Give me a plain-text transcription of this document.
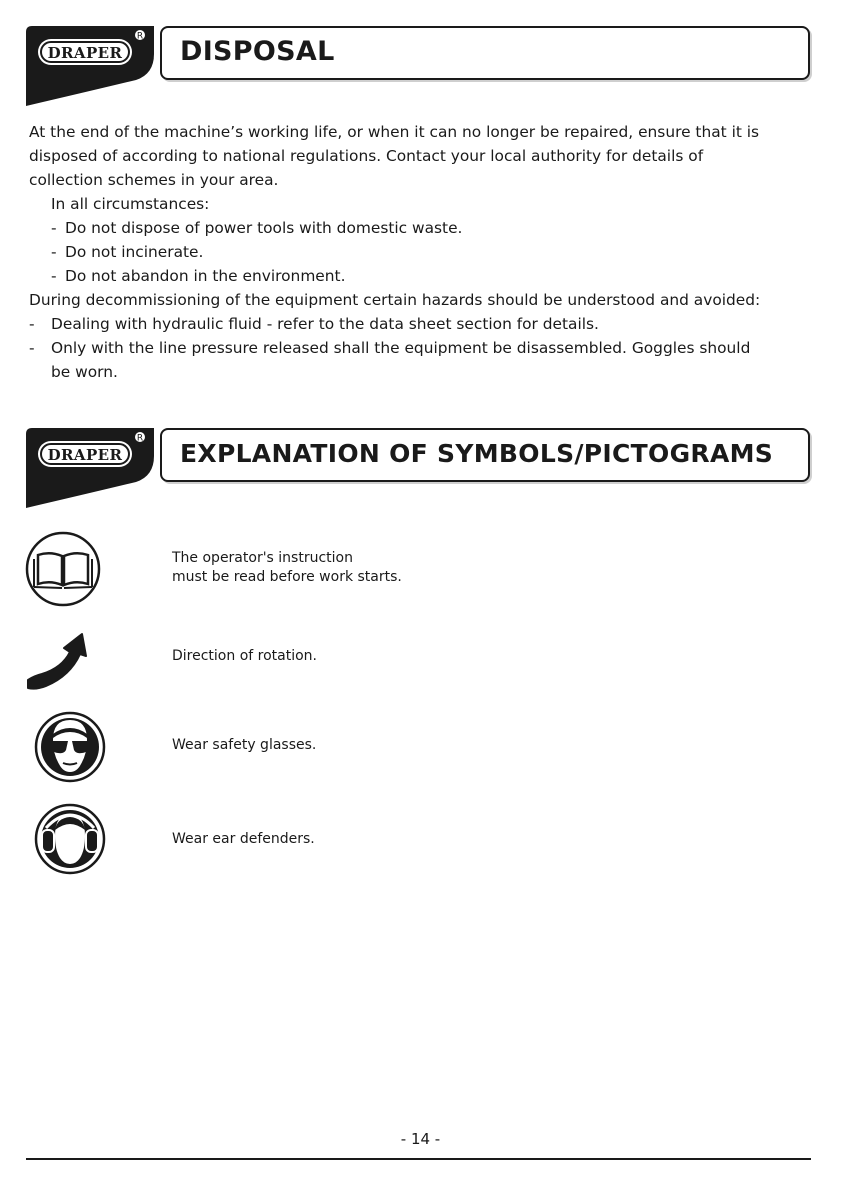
DRAPER
R DISPOSAL

At the end of the machine’s working life, or when it can no longer be repaired, ensure that it is

disposed of according to national regulations. Contact your local authority for details of

collection schemes in your area.

In all circumstances:

- Do not dispose of power tools with domestic waste.

- Do not incinerate.

- Do not abandon in the environment.

During decommissioning of the equipment certain hazards should be understood and avoided:

- Dealing with hydraulic fluid - refer to the data sheet section for details.

- Only with the line pressure released shall the equipment be disassembled. Goggles should

be worn.

DRAPER
R
EXPLANATION OF SYMBOLS/PICTOGRAMS

The operator's instruction

must be read before work starts.

Direction of rotation.

Wear safety glasses.

Wear ear defenders.

- 14 -
